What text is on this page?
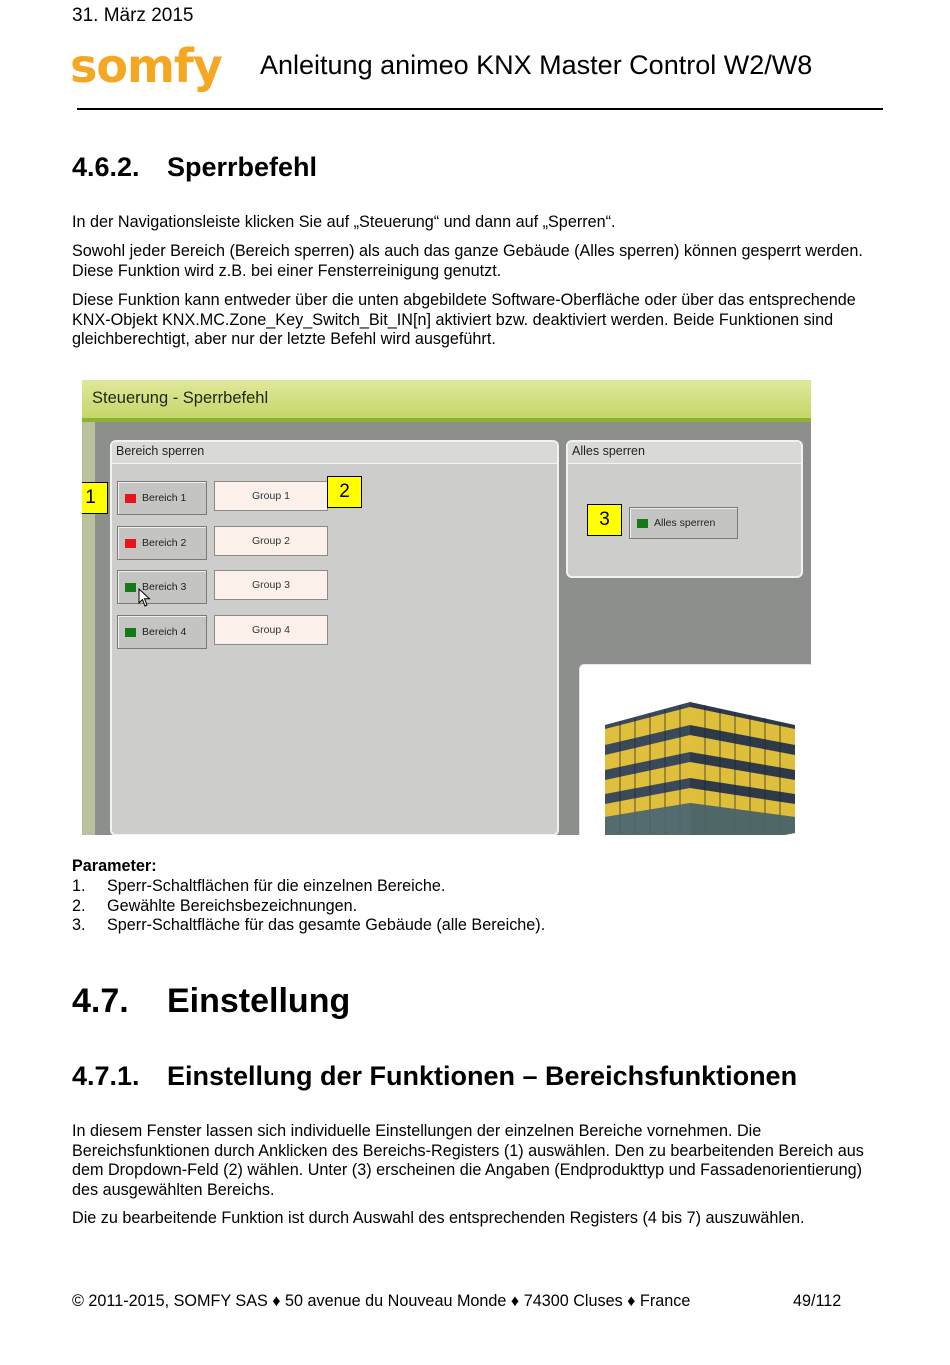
31. März 2015
somfy Anleitung animeo KNX Master Control W2/W8
4.6.2. Sperrbefehl
In der Navigationsleiste klicken Sie auf „Steuerung“ und dann auf „Sperren“.
Sowohl jeder Bereich (Bereich sperren) als auch das ganze Gebäude (Alles sperren) können gesperrt werden. Diese Funktion wird z.B. bei einer Fensterreinigung genutzt.
Diese Funktion kann entweder über die unten abgebildete Software-Oberfläche oder über das entsprechende KNX-Objekt KNX.MC.Zone_Key_Switch_Bit_IN[n] aktiviert bzw. deaktiviert werden. Beide Funktionen sind gleichberechtigt, aber nur der letzte Befehl wird ausgeführt.
Steuerung - Sperrbefehl
Bereich sperren
Bereich 1
Bereich 2
Bereich 3
Bereich 4
Group 1
Group 2
Group 3
Group 4
Alles sperren
Alles sperren
1	2
3
Parameter:
1. Sperr-Schaltflächen für die einzelnen Bereiche.
2. Gewählte Bereichsbezeichnungen.
3. Sperr-Schaltfläche für das gesamte Gebäude (alle Bereiche).
4.7. Einstellung
4.7.1. Einstellung der Funktionen – Bereichsfunktionen
In diesem Fenster lassen sich individuelle Einstellungen der einzelnen Bereiche vornehmen. Die Bereichsfunktionen durch Anklicken des Bereichs-Registers (1) auswählen. Den zu bearbeitenden Bereich aus dem Dropdown-Feld (2) wählen. Unter (3) erscheinen die Angaben (Endprodukttyp und Fassadenorientierung) des ausgewählten Bereichs.
Die zu bearbeitende Funktion ist durch Auswahl des entsprechenden Registers (4 bis 7) auszuwählen.
© 2011-2015, SOMFY SAS ♦ 50 avenue du Nouveau Monde ♦ 74300 Cluses ♦ France	49/112
